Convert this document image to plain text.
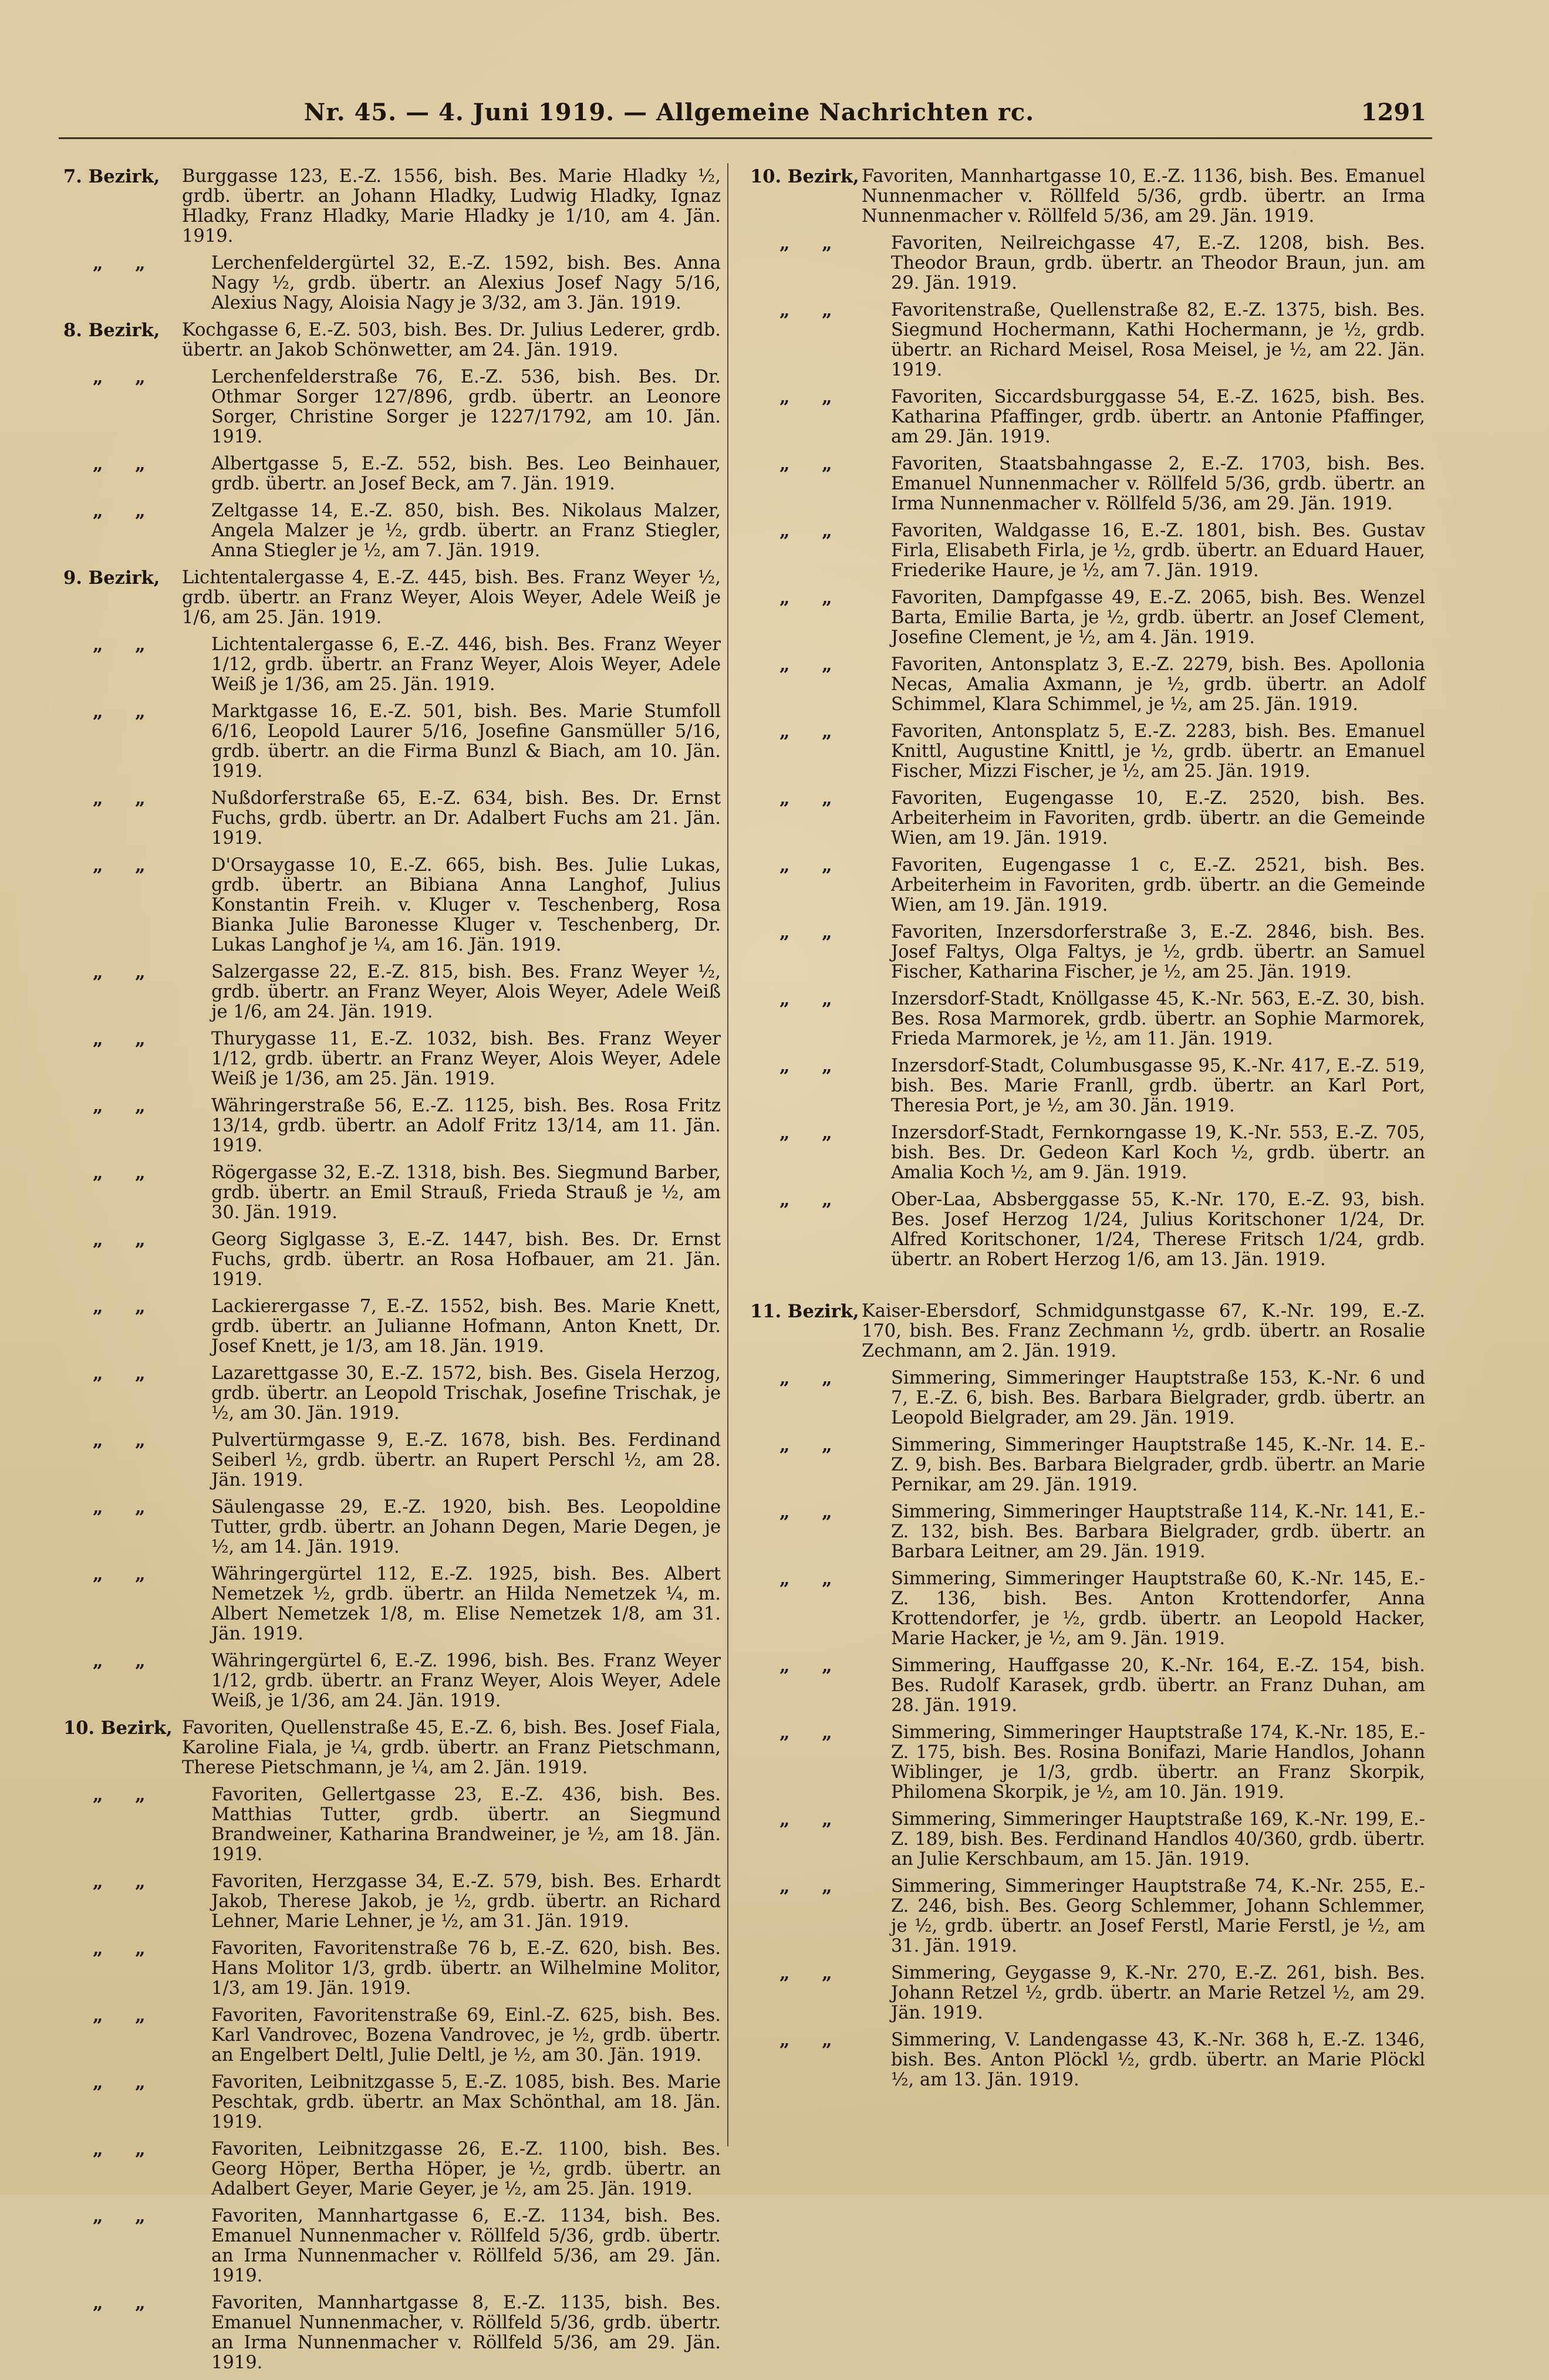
Nr. 45. — 4. Juni 1919. — Allgemeine Nachrichten rc.	1291
7. Bezirk,	Burggasse 123, E.-Z. 1556, bish. Bes. Marie Hladky ½, grdb. übertr. an Johann Hladky, Ludwig Hladky, Ignaz Hladky, Franz Hladky, Marie Hladky je 1/10, am 4. Jän. 1919.
„ „	Lerchenfeldergürtel 32, E.-Z. 1592, bish. Bes. Anna Nagy ½, grdb. übertr. an Alexius Josef Nagy 5/16, Alexius Nagy, Aloisia Nagy je 3/32, am 3. Jän. 1919.
8. Bezirk,	Kochgasse 6, E.-Z. 503, bish. Bes. Dr. Julius Lederer, grdb. übertr. an Jakob Schönwetter, am 24. Jän. 1919.
„ „	Lerchenfelderstraße 76, E.-Z. 536, bish. Bes. Dr. Othmar Sorger 127/896, grdb. übertr. an Leonore Sorger, Christine Sorger je 1227/1792, am 10. Jän. 1919.
„ „	Albertgasse 5, E.-Z. 552, bish. Bes. Leo Beinhauer, grdb. übertr. an Josef Beck, am 7. Jän. 1919.
„ „	Zeltgasse 14, E.-Z. 850, bish. Bes. Nikolaus Malzer, Angela Malzer je ½, grdb. übertr. an Franz Stiegler, Anna Stiegler je ½, am 7. Jän. 1919.
9. Bezirk,	Lichtentalergasse 4, E.-Z. 445, bish. Bes. Franz Weyer ½, grdb. übertr. an Franz Weyer, Alois Weyer, Adele Weiß je 1/6, am 25. Jän. 1919.
„ „	Lichtentalergasse 6, E.-Z. 446, bish. Bes. Franz Weyer 1/12, grdb. übertr. an Franz Weyer, Alois Weyer, Adele Weiß je 1/36, am 25. Jän. 1919.
„ „	Marktgasse 16, E.-Z. 501, bish. Bes. Marie Stumfoll 6/16, Leopold Laurer 5/16, Josefine Gansmüller 5/16, grdb. übertr. an die Firma Bunzl & Biach, am 10. Jän. 1919.
„ „	Nußdorferstraße 65, E.-Z. 634, bish. Bes. Dr. Ernst Fuchs, grdb. übertr. an Dr. Adalbert Fuchs am 21. Jän. 1919.
„ „	D'Orsaygasse 10, E.-Z. 665, bish. Bes. Julie Lukas, grdb. übertr. an Bibiana Anna Langhof, Julius Konstantin Freih. v. Kluger v. Teschenberg, Rosa Bianka Julie Baronesse Kluger v. Teschenberg, Dr. Lukas Langhof je ¼, am 16. Jän. 1919.
„ „	Salzergasse 22, E.-Z. 815, bish. Bes. Franz Weyer ½, grdb. übertr. an Franz Weyer, Alois Weyer, Adele Weiß je 1/6, am 24. Jän. 1919.
„ „	Thurygasse 11, E.-Z. 1032, bish. Bes. Franz Weyer 1/12, grdb. übertr. an Franz Weyer, Alois Weyer, Adele Weiß je 1/36, am 25. Jän. 1919.
„ „	Währingerstraße 56, E.-Z. 1125, bish. Bes. Rosa Fritz 13/14, grdb. übertr. an Adolf Fritz 13/14, am 11. Jän. 1919.
„ „	Rögergasse 32, E.-Z. 1318, bish. Bes. Siegmund Barber, grdb. übertr. an Emil Strauß, Frieda Strauß je ½, am 30. Jän. 1919.
„ „	Georg Siglgasse 3, E.-Z. 1447, bish. Bes. Dr. Ernst Fuchs, grdb. übertr. an Rosa Hofbauer, am 21. Jän. 1919.
„ „	Lackierergasse 7, E.-Z. 1552, bish. Bes. Marie Knett, grdb. übertr. an Julianne Hofmann, Anton Knett, Dr. Josef Knett, je 1/3, am 18. Jän. 1919.
„ „	Lazarettgasse 30, E.-Z. 1572, bish. Bes. Gisela Herzog, grdb. übertr. an Leopold Trischak, Josefine Trischak, je ½, am 30. Jän. 1919.
„ „	Pulvertürmgasse 9, E.-Z. 1678, bish. Bes. Ferdinand Seiberl ½, grdb. übertr. an Rupert Perschl ½, am 28. Jän. 1919.
„ „	Säulengasse 29, E.-Z. 1920, bish. Bes. Leopoldine Tutter, grdb. übertr. an Johann Degen, Marie Degen, je ½, am 14. Jän. 1919.
„ „	Währingergürtel 112, E.-Z. 1925, bish. Bes. Albert Nemetzek ½, grdb. übertr. an Hilda Nemetzek ¼, m. Albert Nemetzek 1/8, m. Elise Nemetzek 1/8, am 31. Jän. 1919.
„ „	Währingergürtel 6, E.-Z. 1996, bish. Bes. Franz Weyer 1/12, grdb. übertr. an Franz Weyer, Alois Weyer, Adele Weiß, je 1/36, am 24. Jän. 1919.
10. Bezirk, Favoriten, Quellenstraße 45, E.-Z. 6, bish. Bes. Josef Fiala, Karoline Fiala, je ¼, grdb. übertr. an Franz Pietschmann, Therese Pietschmann, je ¼, am 2. Jän. 1919.
„ „	Favoriten, Gellertgasse 23, E.-Z. 436, bish. Bes. Matthias Tutter, grdb. übertr. an Siegmund Brandweiner, Katharina Brandweiner, je ½, am 18. Jän. 1919.
„ „	Favoriten, Herzgasse 34, E.-Z. 579, bish. Bes. Erhardt Jakob, Therese Jakob, je ½, grdb. übertr. an Richard Lehner, Marie Lehner, je ½, am 31. Jän. 1919.
„ „	Favoriten, Favoritenstraße 76 b, E.-Z. 620, bish. Bes. Hans Molitor 1/3, grdb. übertr. an Wilhelmine Molitor, 1/3, am 19. Jän. 1919.
„ „	Favoriten, Favoritenstraße 69, Einl.-Z. 625, bish. Bes. Karl Vandrovec, Bozena Vandrovec, je ½, grdb. übertr. an Engelbert Deltl, Julie Deltl, je ½, am 30. Jän. 1919.
„ „	Favoriten, Leibnitzgasse 5, E.-Z. 1085, bish. Bes. Marie Peschtak, grdb. übertr. an Max Schönthal, am 18. Jän. 1919.
„ „	Favoriten, Leibnitzgasse 26, E.-Z. 1100, bish. Bes. Georg Höper, Bertha Höper, je ½, grdb. übertr. an Adalbert Geyer, Marie Geyer, je ½, am 25. Jän. 1919.
„ „	Favoriten, Mannhartgasse 6, E.-Z. 1134, bish. Bes. Emanuel Nunnenmacher v. Röllfeld 5/36, grdb. übertr. an Irma Nunnenmacher v. Röllfeld 5/36, am 29. Jän. 1919.
„ „	Favoriten, Mannhartgasse 8, E.-Z. 1135, bish. Bes. Emanuel Nunnenmacher, v. Röllfeld 5/36, grdb. übertr. an Irma Nunnenmacher v. Röllfeld 5/36, am 29. Jän. 1919.
10. Bezirk, Favoriten, Mannhartgasse 10, E.-Z. 1136, bish. Bes. Emanuel Nunnenmacher v. Röllfeld 5/36, grdb. übertr. an Irma Nunnenmacher v. Röllfeld 5/36, am 29. Jän. 1919.
„ „	Favoriten, Neilreichgasse 47, E.-Z. 1208, bish. Bes. Theodor Braun, grdb. übertr. an Theodor Braun, jun. am 29. Jän. 1919.
„ „	Favoritenstraße, Quellenstraße 82, E.-Z. 1375, bish. Bes. Siegmund Hochermann, Kathi Hochermann, je ½, grdb. übertr. an Richard Meisel, Rosa Meisel, je ½, am 22. Jän. 1919.
„ „	Favoriten, Siccardsburggasse 54, E.-Z. 1625, bish. Bes. Katharina Pfaffinger, grdb. übertr. an Antonie Pfaffinger, am 29. Jän. 1919.
„ „	Favoriten, Staatsbahngasse 2, E.-Z. 1703, bish. Bes. Emanuel Nunnenmacher v. Röllfeld 5/36, grdb. übertr. an Irma Nunnenmacher v. Röllfeld 5/36, am 29. Jän. 1919.
„ „	Favoriten, Waldgasse 16, E.-Z. 1801, bish. Bes. Gustav Firla, Elisabeth Firla, je ½, grdb. übertr. an Eduard Hauer, Friederike Haure, je ½, am 7. Jän. 1919.
„ „	Favoriten, Dampfgasse 49, E.-Z. 2065, bish. Bes. Wenzel Barta, Emilie Barta, je ½, grdb. übertr. an Josef Clement, Josefine Clement, je ½, am 4. Jän. 1919.
„ „	Favoriten, Antonsplatz 3, E.-Z. 2279, bish. Bes. Apollonia Necas, Amalia Axmann, je ½, grdb. übertr. an Adolf Schimmel, Klara Schimmel, je ½, am 25. Jän. 1919.
„ „	Favoriten, Antonsplatz 5, E.-Z. 2283, bish. Bes. Emanuel Knittl, Augustine Knittl, je ½, grdb. übertr. an Emanuel Fischer, Mizzi Fischer, je ½, am 25. Jän. 1919.
„ „	Favoriten, Eugengasse 10, E.-Z. 2520, bish. Bes. Arbeiterheim in Favoriten, grdb. übertr. an die Gemeinde Wien, am 19. Jän. 1919.
„ „	Favoriten, Eugengasse 1 c, E.-Z. 2521, bish. Bes. Arbeiterheim in Favoriten, grdb. übertr. an die Gemeinde Wien, am 19. Jän. 1919.
„ „	Favoriten, Inzersdorferstraße 3, E.-Z. 2846, bish. Bes. Josef Faltys, Olga Faltys, je ½, grdb. übertr. an Samuel Fischer, Katharina Fischer, je ½, am 25. Jän. 1919.
„ „	Inzersdorf-Stadt, Knöllgasse 45, K.-Nr. 563, E.-Z. 30, bish. Bes. Rosa Marmorek, grdb. übertr. an Sophie Marmorek, Frieda Marmorek, je ½, am 11. Jän. 1919.
„ „	Inzersdorf-Stadt, Columbusgasse 95, K.-Nr. 417, E.-Z. 519, bish. Bes. Marie Franll, grdb. übertr. an Karl Port, Theresia Port, je ½, am 30. Jän. 1919.
„ „	Inzersdorf-Stadt, Fernkorngasse 19, K.-Nr. 553, E.-Z. 705, bish. Bes. Dr. Gedeon Karl Koch ½, grdb. übertr. an Amalia Koch ½, am 9. Jän. 1919.
„ „	Ober-Laa, Absberggasse 55, K.-Nr. 170, E.-Z. 93, bish. Bes. Josef Herzog 1/24, Julius Koritschoner 1/24, Dr. Alfred Koritschoner, 1/24, Therese Fritsch 1/24, grdb. übertr. an Robert Herzog 1/6, am 13. Jän. 1919.
11. Bezirk, Kaiser-Ebersdorf, Schmidgunstgasse 67, K.-Nr. 199, E.-Z. 170, bish. Bes. Franz Zechmann ½, grdb. übertr. an Rosalie Zechmann, am 2. Jän. 1919.
„ „	Simmering, Simmeringer Hauptstraße 153, K.-Nr. 6 und 7, E.-Z. 6, bish. Bes. Barbara Bielgrader, grdb. übertr. an Leopold Bielgrader, am 29. Jän. 1919.
„ „	Simmering, Simmeringer Hauptstraße 145, K.-Nr. 14. E.-Z. 9, bish. Bes. Barbara Bielgrader, grdb. übertr. an Marie Pernikar, am 29. Jän. 1919.
„ „	Simmering, Simmeringer Hauptstraße 114, K.-Nr. 141, E.-Z. 132, bish. Bes. Barbara Bielgrader, grdb. übertr. an Barbara Leitner, am 29. Jän. 1919.
„ „	Simmering, Simmeringer Hauptstraße 60, K.-Nr. 145, E.-Z. 136, bish. Bes. Anton Krottendorfer, Anna Krottendorfer, je ½, grdb. übertr. an Leopold Hacker, Marie Hacker, je ½, am 9. Jän. 1919.
„ „	Simmering, Hauffgasse 20, K.-Nr. 164, E.-Z. 154, bish. Bes. Rudolf Karasek, grdb. übertr. an Franz Duhan, am 28. Jän. 1919.
„ „	Simmering, Simmeringer Hauptstraße 174, K.-Nr. 185, E.-Z. 175, bish. Bes. Rosina Bonifazi, Marie Handlos, Johann Wiblinger, je 1/3, grdb. übertr. an Franz Skorpik, Philomena Skorpik, je ½, am 10. Jän. 1919.
„ „	Simmering, Simmeringer Hauptstraße 169, K.-Nr. 199, E.-Z. 189, bish. Bes. Ferdinand Handlos 40/360, grdb. übertr. an Julie Kerschbaum, am 15. Jän. 1919.
„ „	Simmering, Simmeringer Hauptstraße 74, K.-Nr. 255, E.-Z. 246, bish. Bes. Georg Schlemmer, Johann Schlemmer, je ½, grdb. übertr. an Josef Ferstl, Marie Ferstl, je ½, am 31. Jän. 1919.
„ „	Simmering, Geygasse 9, K.-Nr. 270, E.-Z. 261, bish. Bes. Johann Retzel ½, grdb. übertr. an Marie Retzel ½, am 29. Jän. 1919.
„ „	Simmering, V. Landengasse 43, K.-Nr. 368 h, E.-Z. 1346, bish. Bes. Anton Plöckl ½, grdb. übertr. an Marie Plöckl ½, am 13. Jän. 1919.
